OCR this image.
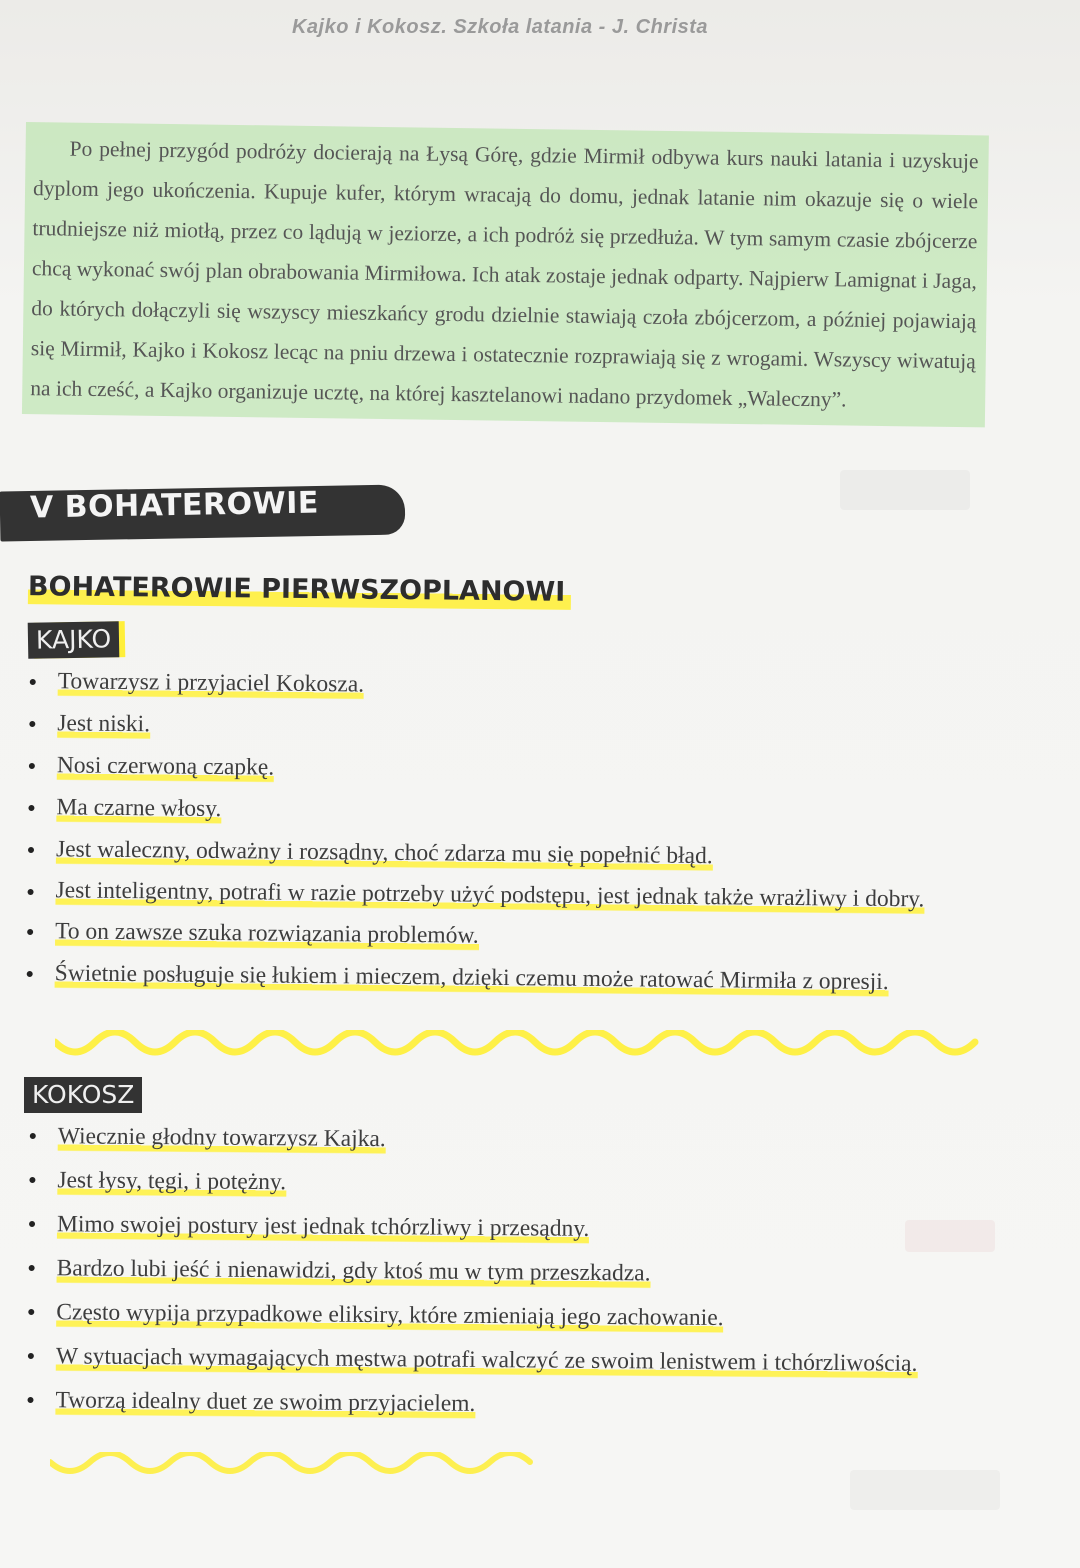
Kajko i Kokosz. Szkoła latania - J. Christa

Po pełnej przygód podróży docierają na Łysą Górę, gdzie Mirmił odbywa kurs nauki latania i uzyskuje dyplom jego ukończenia. Kupuje kufer, którym wracają do domu, jednak latanie nim okazuje się o wiele trudniejsze niż miotłą, przez co lądują w jeziorze, a ich podróż się przedłuża. W tym samym czasie zbójcerze chcą wykonać swój plan obrabowania Mirmiłowa. Ich atak zostaje jednak odparty. Najpierw Lamignat i Jaga, do których dołączyli się wszyscy mieszkańcy grodu dzielnie stawiają czoła zbójcerzom, a później pojawiają się Mirmił, Kajko i Kokosz lecąc na pniu drzewa i ostatecznie rozprawiają się z wrogami. Wszyscy wiwatują na ich cześć, a Kajko organizuje ucztę, na której kasztelanowi nadano przydomek „Waleczny”.

V BOHATEROWIE
BOHATEROWIE PIERWSZOPLANOWI
KAJKO
Towarzysz i przyjaciel Kokosza.
Jest niski.
Nosi czerwoną czapkę.
Ma czarne włosy.
Jest waleczny, odważny i rozsądny, choć zdarza mu się popełnić błąd.
Jest inteligentny, potrafi w razie potrzeby użyć podstępu, jest jednak także wrażliwy i dobry.
To on zawsze szuka rozwiązania problemów.
Świetnie posługuje się łukiem i mieczem, dzięki czemu może ratować Mirmiła z opresji.
KOKOSZ
Wiecznie głodny towarzysz Kajka.
Jest łysy, tęgi, i potężny.
Mimo swojej postury jest jednak tchórzliwy i przesądny.
Bardzo lubi jeść i nienawidzi, gdy ktoś mu w tym przeszkadza.
Często wypija przypadkowe eliksiry, które zmieniają jego zachowanie.
W sytuacjach wymagających męstwa potrafi walczyć ze swoim lenistwem i tchórzliwością.
Tworzą idealny duet ze swoim przyjacielem.
